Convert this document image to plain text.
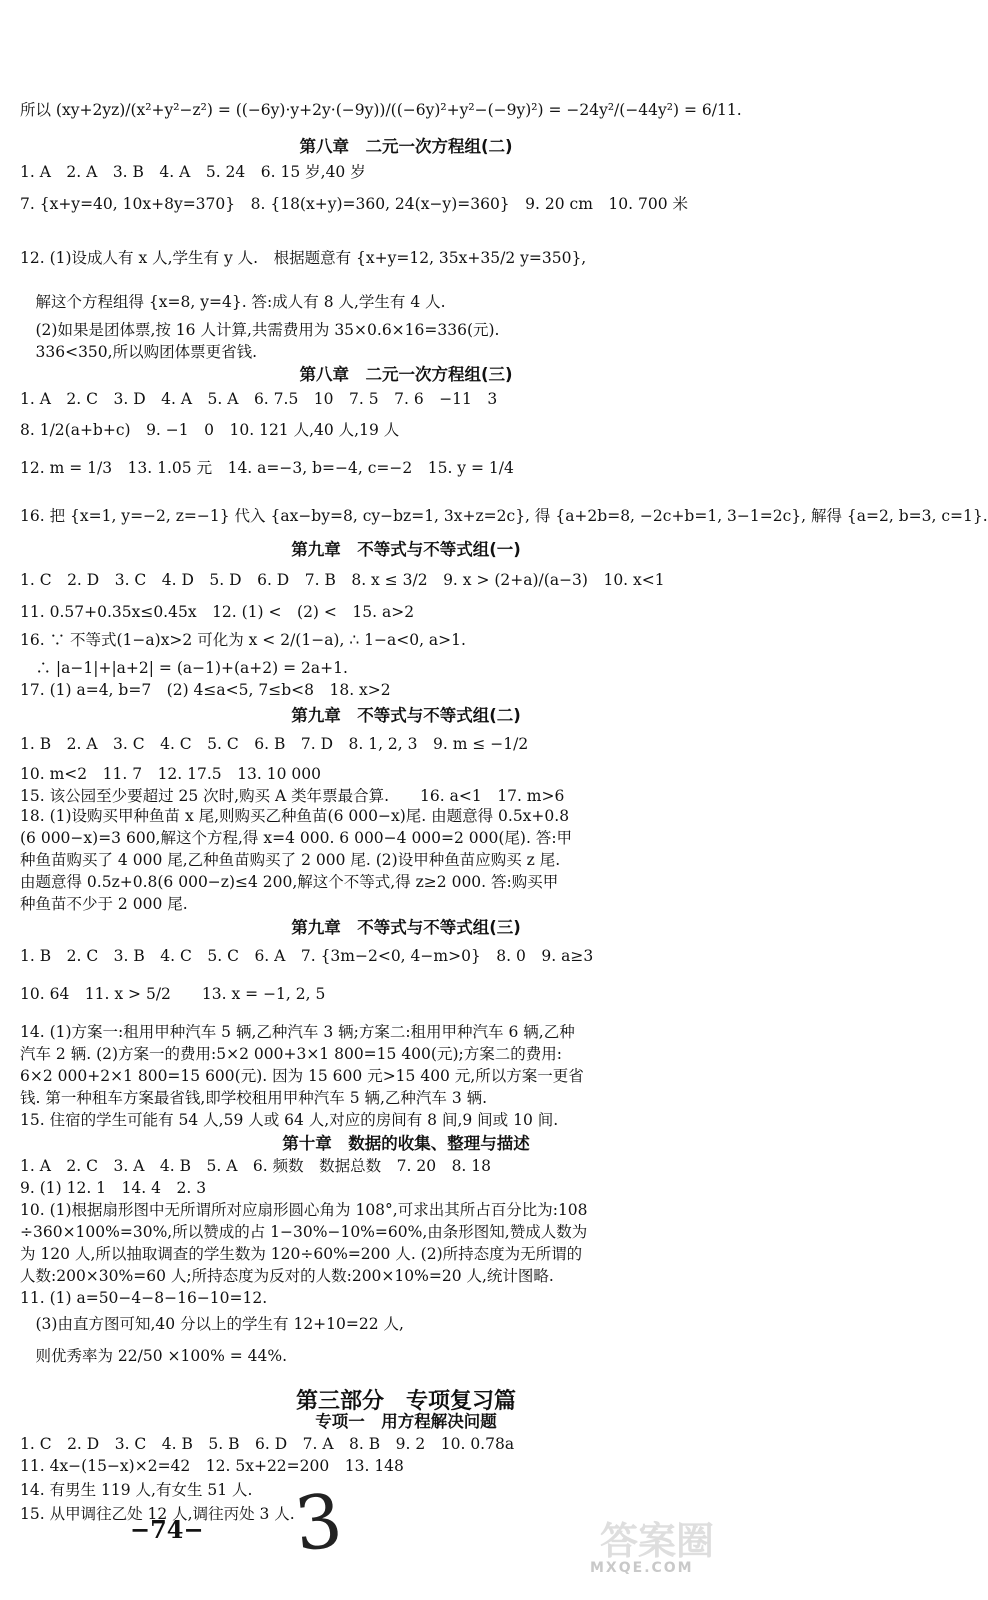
所以 (xy+2yz)/(x²+y²−z²) = ((−6y)·y+2y·(−9y))/((−6y)²+y²−(−9y)²) = −24y²/(−44y²) = 6/11.
第八章　二元一次方程组(二)
1. A　2. A　3. B　4. A　5. 24　6. 15 岁,40 岁
7. {x+y=40, 10x+8y=370}　8. {18(x+y)=360, 24(x−y)=360}　9. 20 cm　10. 700 米
12. (1)设成人有 x 人,学生有 y 人.　根据题意有 {x+y=12, 35x+35/2 y=350},
　解这个方程组得 {x=8, y=4}. 答:成人有 8 人,学生有 4 人.
　(2)如果是团体票,按 16 人计算,共需费用为 35×0.6×16=336(元).
　336<350,所以购团体票更省钱.
第八章　二元一次方程组(三)
1. A　2. C　3. D　4. A　5. A　6. 7.5　10　7. 5　7. 6　−11　3
8. 1/2(a+b+c)　9. −1　0　10. 121 人,40 人,19 人
12. m = 1/3　13. 1.05 元　14. a=−3, b=−4, c=−2　15. y = 1/4
16. 把 {x=1, y=−2, z=−1} 代入 {ax−by=8, cy−bz=1, 3x+z=2c}, 得 {a+2b=8, −2c+b=1, 3−1=2c}, 解得 {a=2, b=3, c=1}.
第九章　不等式与不等式组(一)
1. C　2. D　3. C　4. D　5. D　6. D　7. B　8. x ≤ 3/2　9. x > (2+a)/(a−3)　10. x<1
11. 0.57+0.35x≤0.45x　12. (1) <　(2) <　15. a>2
16. ∵ 不等式(1−a)x>2 可化为 x < 2/(1−a), ∴ 1−a<0, a>1.
　∴ |a−1|+|a+2| = (a−1)+(a+2) = 2a+1.
17. (1) a=4, b=7　(2) 4≤a<5, 7≤b<8　18. x>2
第九章　不等式与不等式组(二)
1. B　2. A　3. C　4. C　5. C　6. B　7. D　8. 1, 2, 3　9. m ≤ −1/2
10. m<2　11. 7　12. 17.5　13. 10 000
15. 该公园至少要超过 25 次时,购买 A 类年票最合算.　　16. a<1　17. m>6
18. (1)设购买甲种鱼苗 x 尾,则购买乙种鱼苗(6 000−x)尾. 由题意得 0.5x+0.8
(6 000−x)=3 600,解这个方程,得 x=4 000. 6 000−4 000=2 000(尾). 答:甲
种鱼苗购买了 4 000 尾,乙种鱼苗购买了 2 000 尾. (2)设甲种鱼苗应购买 z 尾.
由题意得 0.5z+0.8(6 000−z)≤4 200,解这个不等式,得 z≥2 000. 答:购买甲
种鱼苗不少于 2 000 尾.
第九章　不等式与不等式组(三)
1. B　2. C　3. B　4. C　5. C　6. A　7. {3m−2<0, 4−m>0}　8. 0　9. a≥3
10. 64　11. x > 5/2　　13. x = −1, 2, 5
14. (1)方案一:租用甲种汽车 5 辆,乙种汽车 3 辆;方案二:租用甲种汽车 6 辆,乙种
汽车 2 辆. (2)方案一的费用:5×2 000+3×1 800=15 400(元);方案二的费用:
6×2 000+2×1 800=15 600(元). 因为 15 600 元>15 400 元,所以方案一更省
钱. 第一种租车方案最省钱,即学校租用甲种汽车 5 辆,乙种汽车 3 辆.
15. 住宿的学生可能有 54 人,59 人或 64 人,对应的房间有 8 间,9 间或 10 间.
第十章　数据的收集、整理与描述
1. A　2. C　3. A　4. B　5. A　6. 频数　数据总数　7. 20　8. 18
9. (1) 12. 1　14. 4　2. 3
10. (1)根据扇形图中无所谓所对应扇形圆心角为 108°,可求出其所占百分比为:108
÷360×100%=30%,所以赞成的占 1−30%−10%=60%,由条形图知,赞成人数为
为 120 人,所以抽取调查的学生数为 120÷60%=200 人. (2)所持态度为无所谓的
人数:200×30%=60 人;所持态度为反对的人数:200×10%=20 人,统计图略.
11. (1) a=50−4−8−16−10=12.
　(3)由直方图可知,40 分以上的学生有 12+10=22 人,
　则优秀率为 22/50 ×100% = 44%.
第三部分　专项复习篇
专项一　用方程解决问题
1. C　2. D　3. C　4. B　5. B　6. D　7. A　8. B　9. 2　10. 0.78a
11. 4x−(15−x)×2=42　12. 5x+22=200　13. 148
14. 有男生 119 人,有女生 51 人.
15. 从甲调往乙处 12 人,调往丙处 3 人.
−74− 3	答案圈
MXQE.COM
